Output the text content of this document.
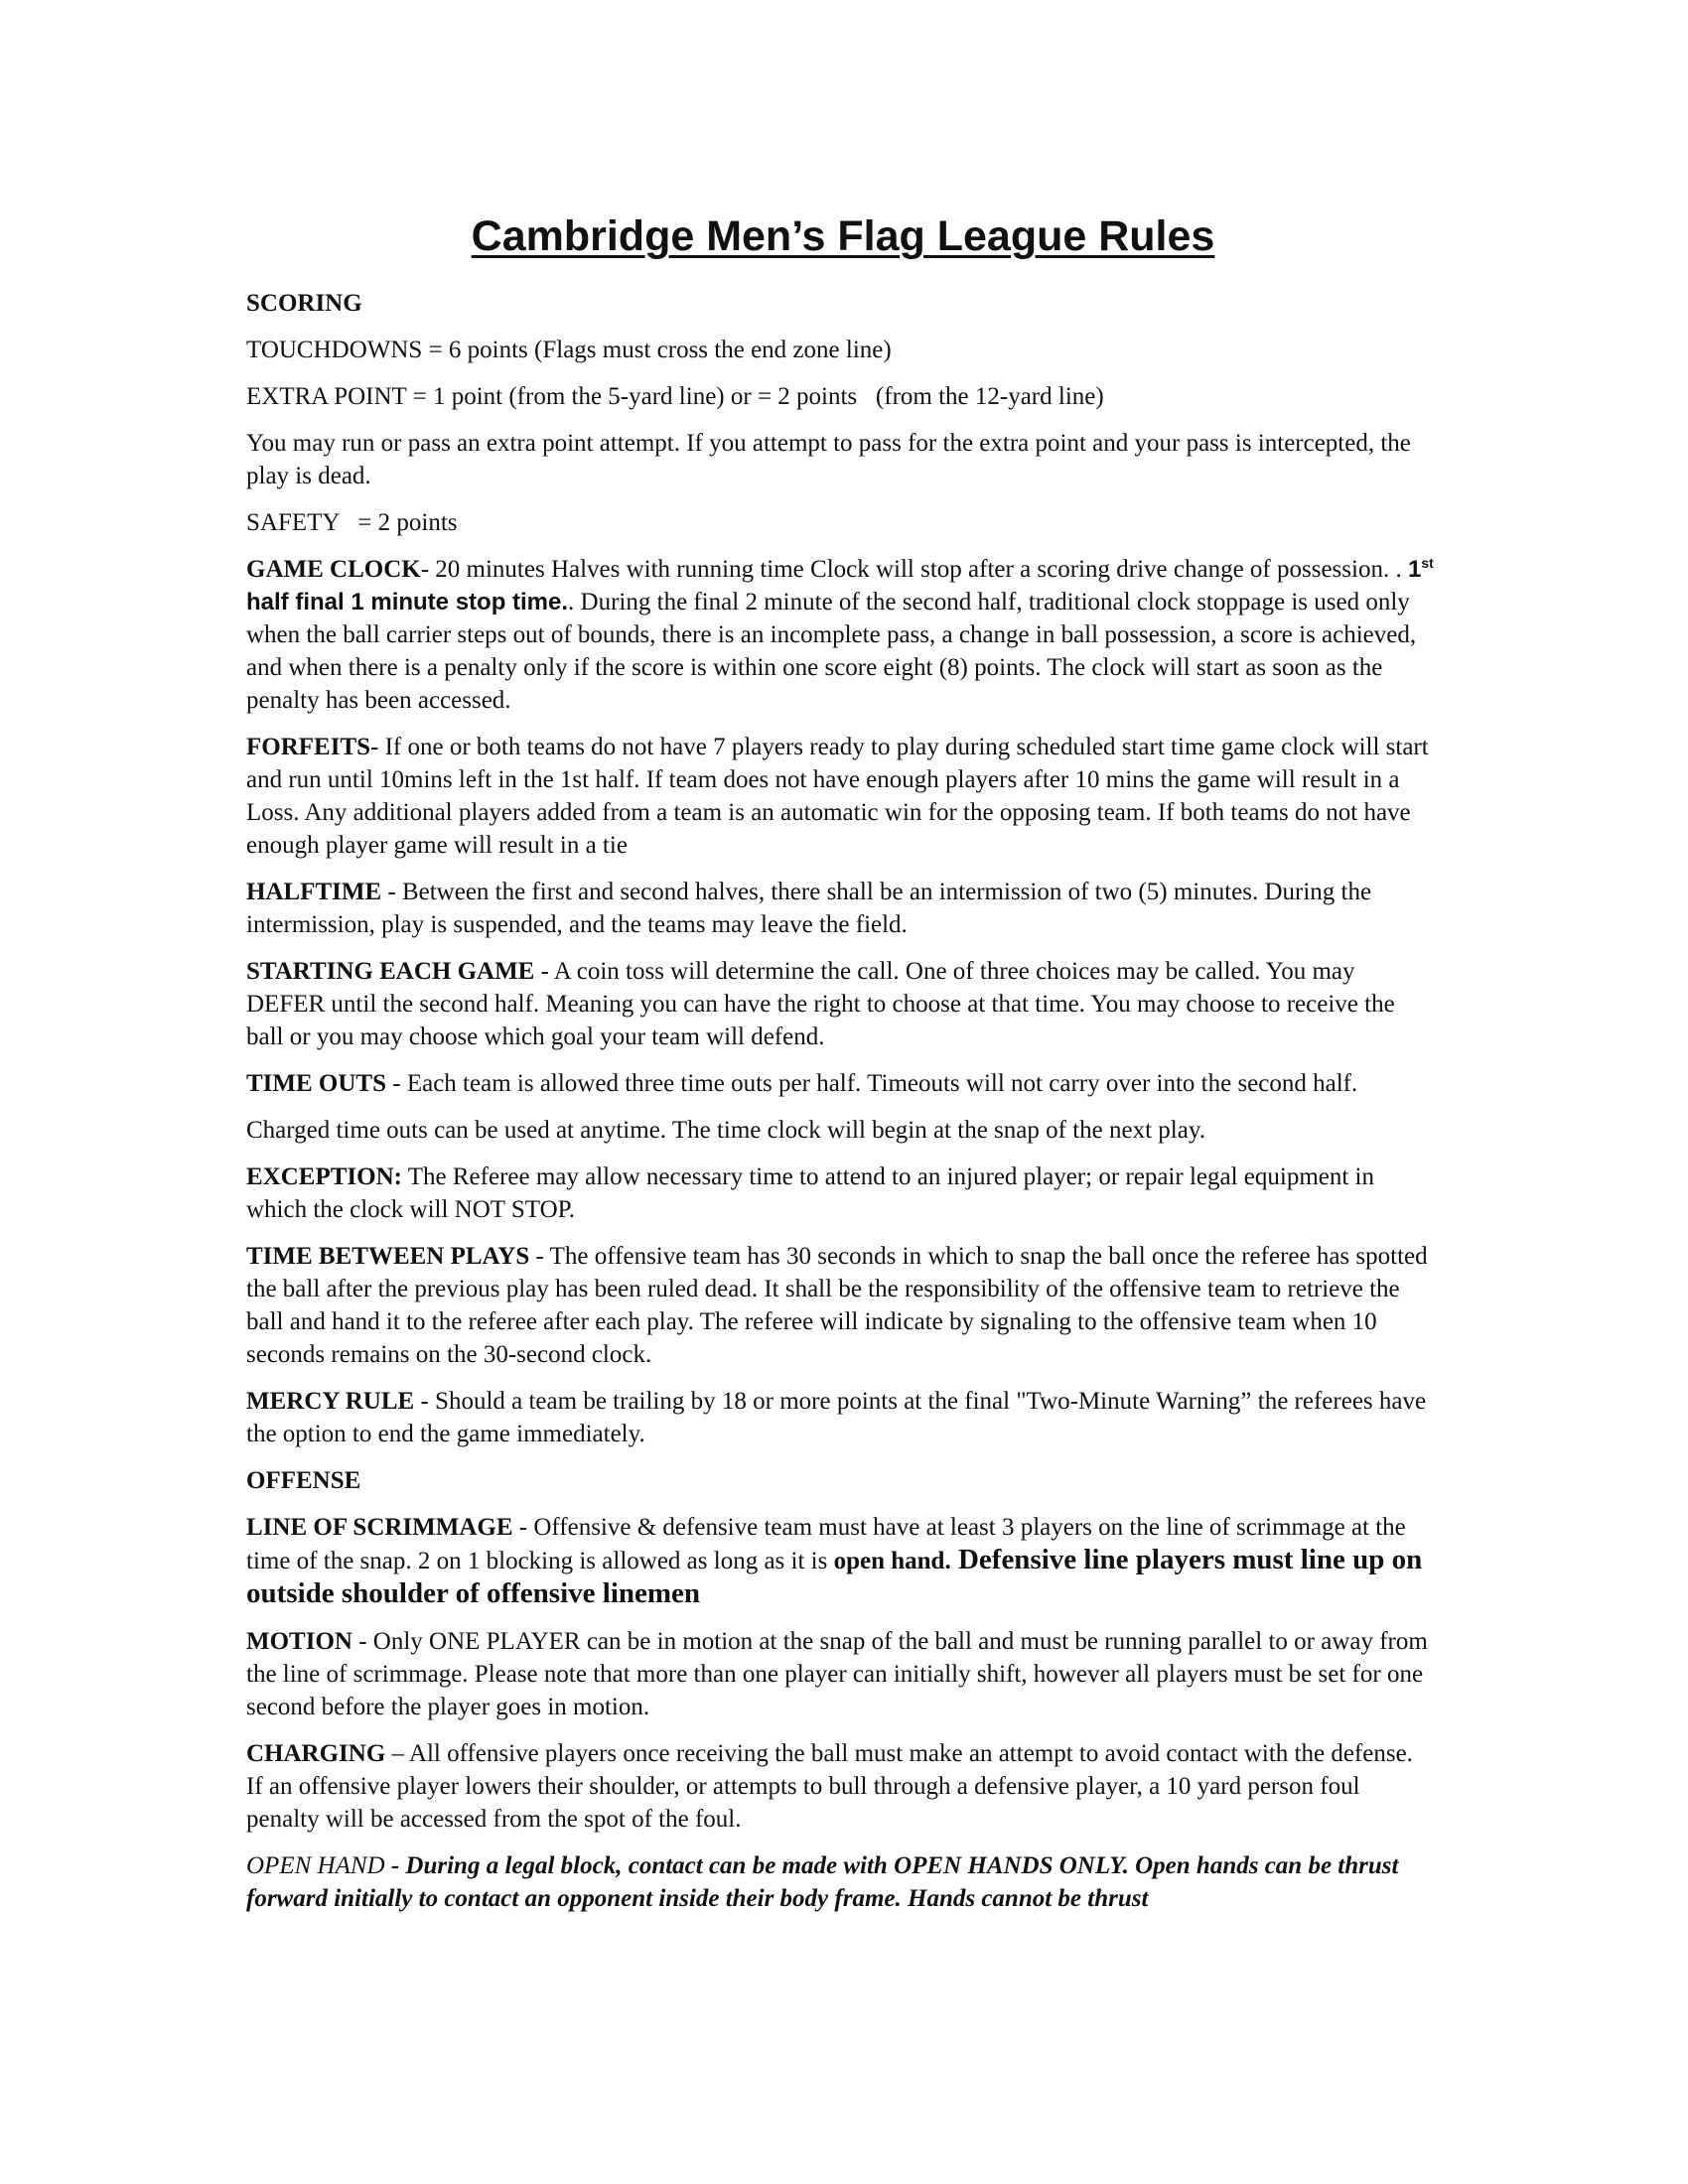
Cambridge Men’s Flag League Rules

SCORING

TOUCHDOWNS = 6 points (Flags must cross the end zone line)

EXTRA POINT = 1 point (from the 5-yard line) or = 2 points (from the 12-yard line)

You may run or pass an extra point attempt. If you attempt to pass for the extra point and your pass is intercepted, the play is dead.

SAFETY   = 2 points

GAME CLOCK- 20 minutes Halves with running time Clock will stop after a scoring drive change of possession. . 1st half final 1 minute stop time.. During the final 2 minute of the second half, traditional clock stoppage is used only when the ball carrier steps out of bounds, there is an incomplete pass, a change in ball possession, a score is achieved, and when there is a penalty only if the score is within one score eight (8) points. The clock will start as soon as the penalty has been accessed.

FORFEITS- If one or both teams do not have 7 players ready to play during scheduled start time game clock will start and run until 10mins left in the 1st half. If team does not have enough players after 10 mins the game will result in a Loss. Any additional players added from a team is an automatic win for the opposing team. If both teams do not have enough player game will result in a tie

HALFTIME - Between the first and second halves, there shall be an intermission of two (5) minutes. During the intermission, play is suspended, and the teams may leave the field.

STARTING EACH GAME - A coin toss will determine the call. One of three choices may be called. You may DEFER until the second half. Meaning you can have the right to choose at that time. You may choose to receive the ball or you may choose which goal your team will defend.

TIME OUTS - Each team is allowed three time outs per half. Timeouts will not carry over into the second half.

Charged time outs can be used at anytime. The time clock will begin at the snap of the next play.

EXCEPTION: The Referee may allow necessary time to attend to an injured player; or repair legal equipment in which the clock will NOT STOP.

TIME BETWEEN PLAYS - The offensive team has 30 seconds in which to snap the ball once the referee has spotted the ball after the previous play has been ruled dead. It shall be the responsibility of the offensive team to retrieve the ball and hand it to the referee after each play. The referee will indicate by signaling to the offensive team when 10 seconds remains on the 30-second clock.

MERCY RULE - Should a team be trailing by 18 or more points at the final "Two-Minute Warning” the referees have the option to end the game immediately.

OFFENSE

LINE OF SCRIMMAGE - Offensive & defensive team must have at least 3 players on the line of scrimmage at the time of the snap. 2 on 1 blocking is allowed as long as it is open hand. Defensive line players must line up on outside shoulder of offensive linemen

MOTION - Only ONE PLAYER can be in motion at the snap of the ball and must be running parallel to or away from the line of scrimmage. Please note that more than one player can initially shift, however all players must be set for one second before the player goes in motion.

CHARGING – All offensive players once receiving the ball must make an attempt to avoid contact with the defense. If an offensive player lowers their shoulder, or attempts to bull through a defensive player, a 10 yard person foul penalty will be accessed from the spot of the foul.

OPEN HAND - During a legal block, contact can be made with OPEN HANDS ONLY. Open hands can be thrust forward initially to contact an opponent inside their body frame. Hands cannot be thrust
